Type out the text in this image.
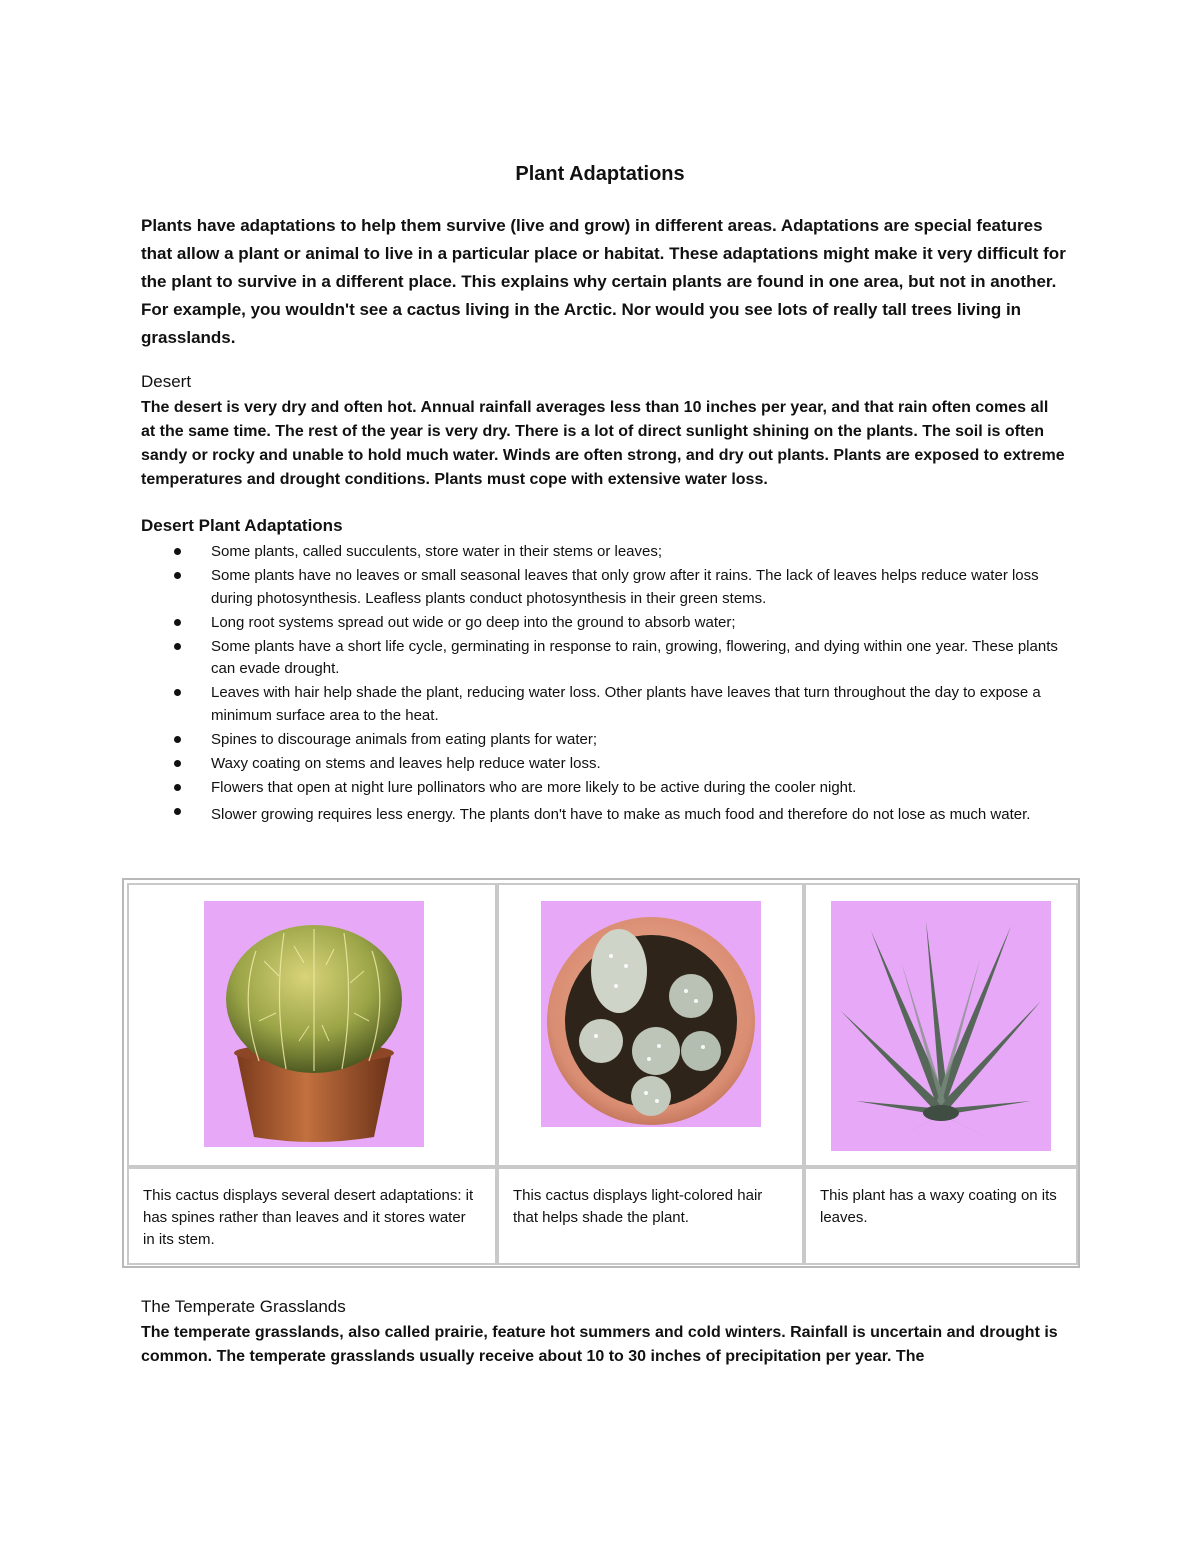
Plant Adaptations

Plants have adaptations to help them survive (live and grow) in different areas. Adaptations are special features that allow a plant or animal to live in a particular place or habitat. These adaptations might make it very difficult for the plant to survive in a different place. This explains why certain plants are found in one area, but not in another. For example, you wouldn't see a cactus living in the Arctic. Nor would you see lots of really tall trees living in grasslands.

Desert

The desert is very dry and often hot. Annual rainfall averages less than 10 inches per year, and that rain often comes all at the same time. The rest of the year is very dry. There is a lot of direct sunlight shining on the plants. The soil is often sandy or rocky and unable to hold much water. Winds are often strong, and dry out plants. Plants are exposed to extreme temperatures and drought conditions. Plants must cope with extensive water loss.

Desert Plant Adaptations
Some plants, called succulents, store water in their stems or leaves;
Some plants have no leaves or small seasonal leaves that only grow after it rains. The lack of leaves helps reduce water loss during photosynthesis. Leafless plants conduct photosynthesis in their green stems.
Long root systems spread out wide or go deep into the ground to absorb water;
Some plants have a short life cycle, germinating in response to rain, growing, flowering, and dying within one year. These plants can evade drought.
Leaves with hair help shade the plant, reducing water loss. Other plants have leaves that turn throughout the day to expose a minimum surface area to the heat.
Spines to discourage animals from eating plants for water;
Waxy coating on stems and leaves help reduce water loss.
Flowers that open at night lure pollinators who are more likely to be active during the cooler night.
Slower growing requires less energy. The plants don't have to make as much food and therefore do not lose as much water.

This cactus displays several desert adaptations: it has spines rather than leaves and it stores water in its stem.

This cactus displays light-colored hair that helps shade the plant.

This plant has a waxy coating on its leaves.

The Temperate Grasslands

The temperate grasslands, also called prairie, feature hot summers and cold winters. Rainfall is uncertain and drought is common. The temperate grasslands usually receive about 10 to 30 inches of precipitation per year. The
